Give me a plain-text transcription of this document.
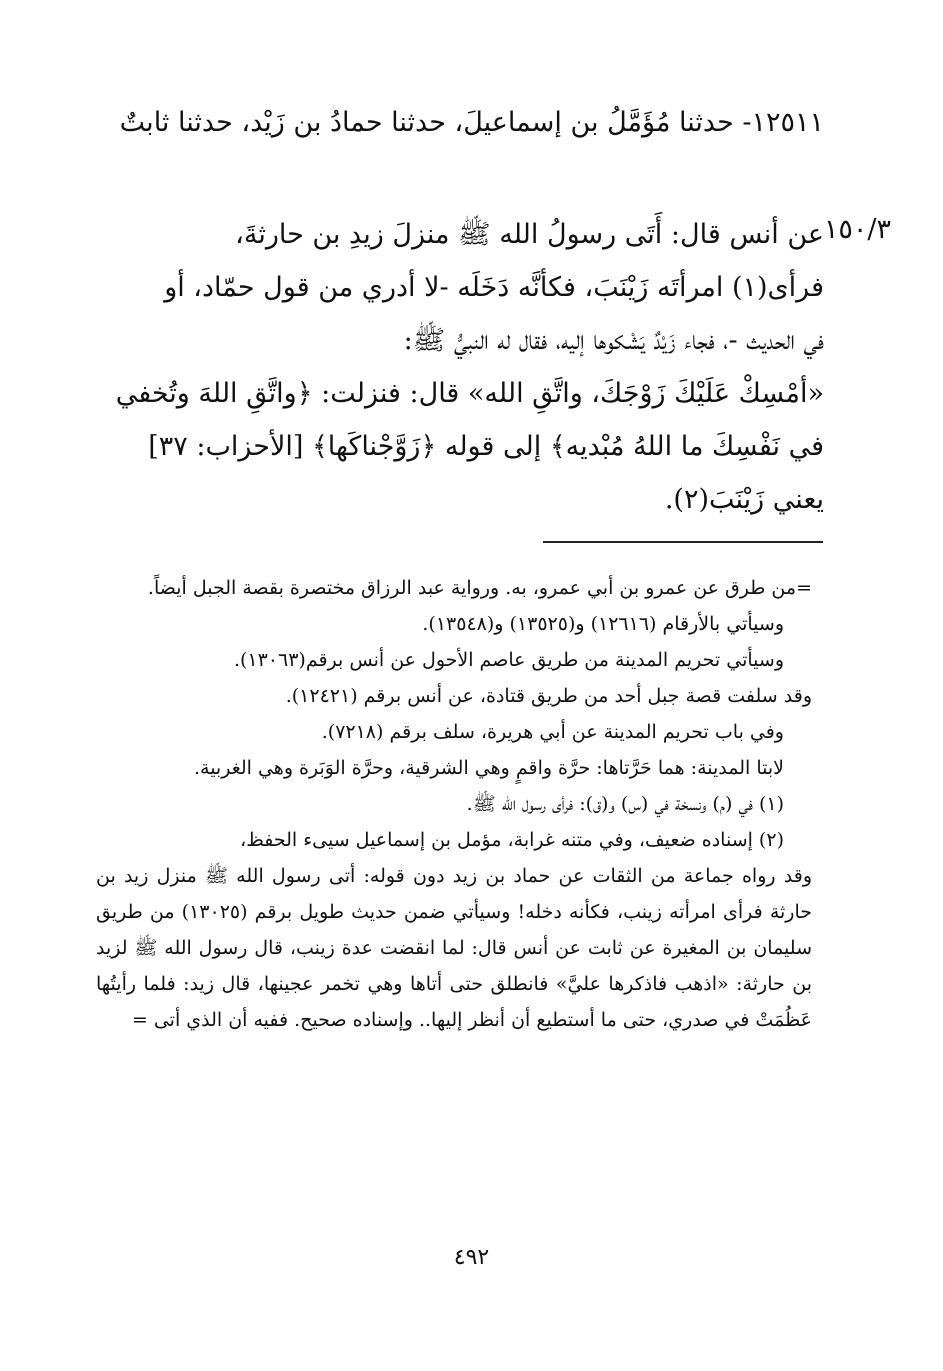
١٢٥١١- حدثنا مُؤَمَّلُ بن إسماعيلَ، حدثنا حمادُ بن زَيْد، حدثنا ثابتٌ

١٥٠/٣

عن أنس قال: أَتَى رسولُ الله ﷺ منزلَ زيدِ بن حارثةَ،

فرأى(١) امرأتَه زَيْنَبَ، فكأنَّه دَخَلَه -لا أدري من قول حمّاد، أو

في الحديث -، فجاء زَيْدٌ يَشْكوها إليه، فقال له النبيُّ ﷺ:

«أمْسِكْ عَلَيْكَ زَوْجَكَ، واتَّقِ الله» قال: فنزلت: ﴿واتَّقِ اللهَ وتُخفي

في نَفْسِكَ ما اللهُ مُبْديه﴾ إلى قوله ﴿زَوَّجْناكَها﴾ [الأحزاب: ٣٧]

يعني زَيْنَبَ(٢).

=من طرق عن عمرو بن أبي عمرو، به. ورواية عبد الرزاق مختصرة بقصة الجبل أيضاً.

وسيأتي بالأرقام (١٢٦١٦) و(١٣٥٢٥) و(١٣٥٤٨).

وسيأتي تحريم المدينة من طريق عاصم الأحول عن أنس برقم(١٣٠٦٣).

وقد سلفت قصة جبل أحد من طريق قتادة، عن أنس برقم (١٢٤٢١).

وفي باب تحريم المدينة عن أبي هريرة، سلف برقم (٧٢١٨).

لابتا المدينة: هما حَرَّتاها: حرَّة واقمٍ وهي الشرقية، وحرَّة الوَبَرة وهي الغربية.

(١) في (م) ونسخة في (س) و(ق): فرأى رسول الله ﷺ.

(٢) إسناده ضعيف، وفي متنه غرابة، مؤمل بن إسماعيل سيىء الحفظ،

وقد رواه جماعة من الثقات عن حماد بن زيد دون قوله: أتى رسول الله ﷺ منزل زيد بن حارثة فرأى امرأته زينب، فكأنه دخله! وسيأتي ضمن حديث طويل برقم (١٣٠٢٥) من طريق سليمان بن المغيرة عن ثابت عن أنس قال: لما انقضت عدة زينب، قال رسول الله ﷺ لزيد بن حارثة: «اذهب فاذكرها عليَّ» فانطلق حتى أتاها وهي تخمر عجينها، قال زيد: فلما رأيتُها عَظُمَتْ في صدري، حتى ما أستطيع أن أنظر إليها.. وإسناده صحيح. ففيه أن الذي أتى =

٤٩٢
